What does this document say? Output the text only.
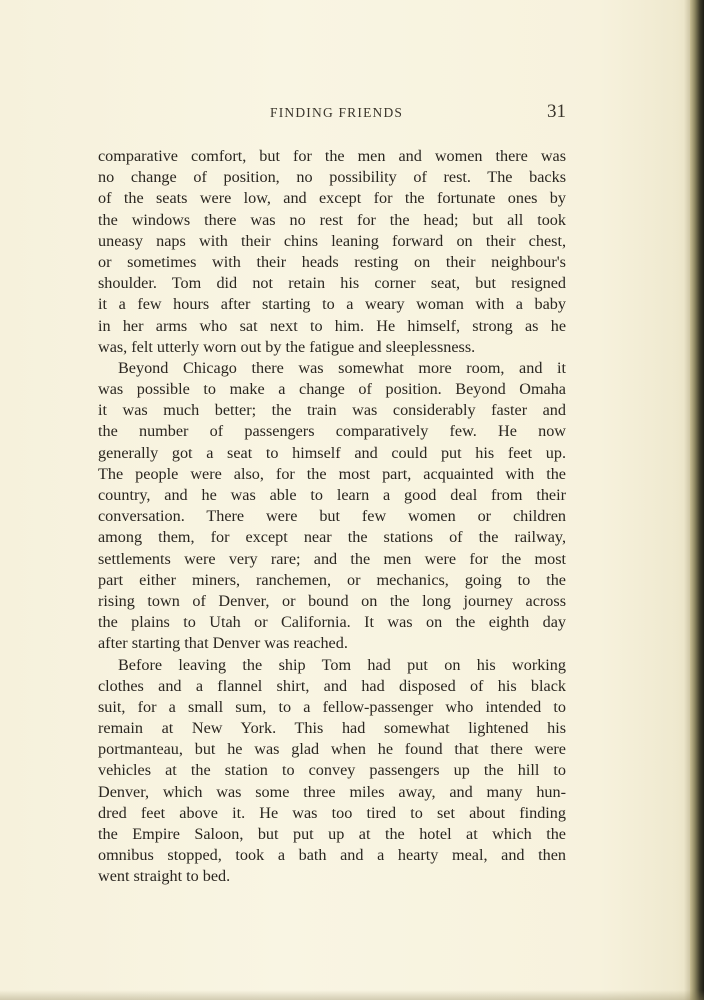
FINDING FRIENDS	31
comparative comfort, but for the men and women there was
no change of position, no possibility of rest. The backs
of the seats were low, and except for the fortunate ones by
the windows there was no rest for the head; but all took
uneasy naps with their chins leaning forward on their chest,
or sometimes with their heads resting on their neighbour's
shoulder. Tom did not retain his corner seat, but resigned
it a few hours after starting to a weary woman with a baby
in her arms who sat next to him. He himself, strong as he
was, felt utterly worn out by the fatigue and sleeplessness.
Beyond Chicago there was somewhat more room, and it
was possible to make a change of position. Beyond Omaha
it was much better; the train was considerably faster and
the number of passengers comparatively few. He now
generally got a seat to himself and could put his feet up.
The people were also, for the most part, acquainted with the
country, and he was able to learn a good deal from their
conversation. There were but few women or children
among them, for except near the stations of the railway,
settlements were very rare; and the men were for the most
part either miners, ranchemen, or mechanics, going to the
rising town of Denver, or bound on the long journey across
the plains to Utah or California. It was on the eighth day
after starting that Denver was reached.
Before leaving the ship Tom had put on his working
clothes and a flannel shirt, and had disposed of his black
suit, for a small sum, to a fellow-passenger who intended to
remain at New York. This had somewhat lightened his
portmanteau, but he was glad when he found that there were
vehicles at the station to convey passengers up the hill to
Denver, which was some three miles away, and many hun-
dred feet above it. He was too tired to set about finding
the Empire Saloon, but put up at the hotel at which the
omnibus stopped, took a bath and a hearty meal, and then
went straight to bed.
